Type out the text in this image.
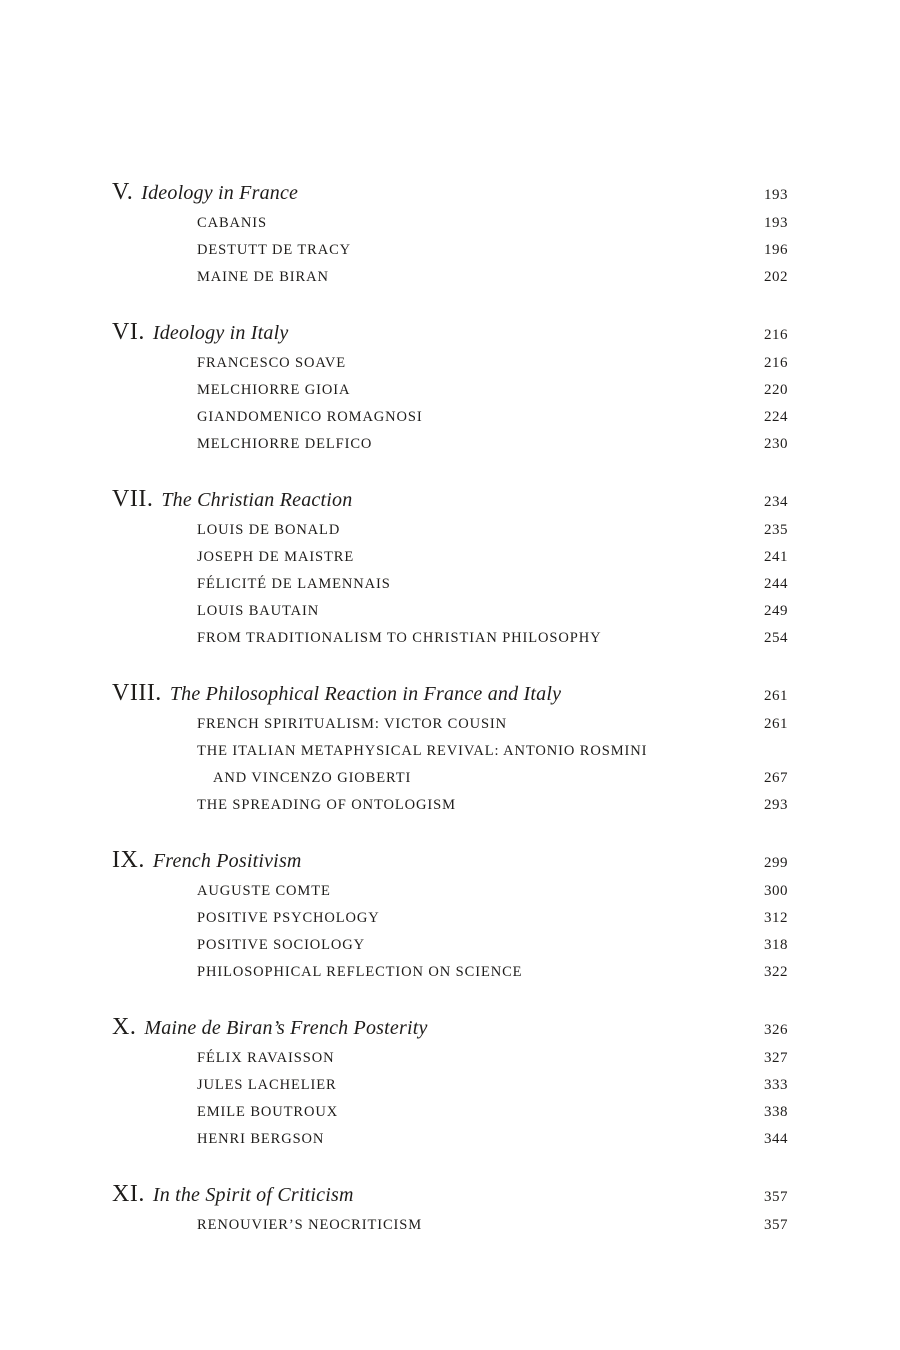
V. Ideology in France	193
CABANIS	193
DESTUTT DE TRACY	196
MAINE DE BIRAN	202
VI. Ideology in Italy	216
FRANCESCO SOAVE	216
MELCHIORRE GIOIA	220
GIANDOMENICO ROMAGNOSI	224
MELCHIORRE DELFICO	230
VII. The Christian Reaction	234
LOUIS DE BONALD	235
JOSEPH DE MAISTRE	241
FÉLICITÉ DE LAMENNAIS	244
LOUIS BAUTAIN	249
FROM TRADITIONALISM TO CHRISTIAN PHILOSOPHY	254
VIII. The Philosophical Reaction in France and Italy	261
FRENCH SPIRITUALISM: VICTOR COUSIN	261
THE ITALIAN METAPHYSICAL REVIVAL: ANTONIO ROSMINI
AND VINCENZO GIOBERTI	267
THE SPREADING OF ONTOLOGISM	293
IX. French Positivism	299
AUGUSTE COMTE	300
POSITIVE PSYCHOLOGY	312
POSITIVE SOCIOLOGY	318
PHILOSOPHICAL REFLECTION ON SCIENCE	322
X. Maine de Biran’s French Posterity	326
FÉLIX RAVAISSON	327
JULES LACHELIER	333
EMILE BOUTROUX	338
HENRI BERGSON	344
XI. In the Spirit of Criticism	357
RENOUVIER’S NEOCRITICISM	357
